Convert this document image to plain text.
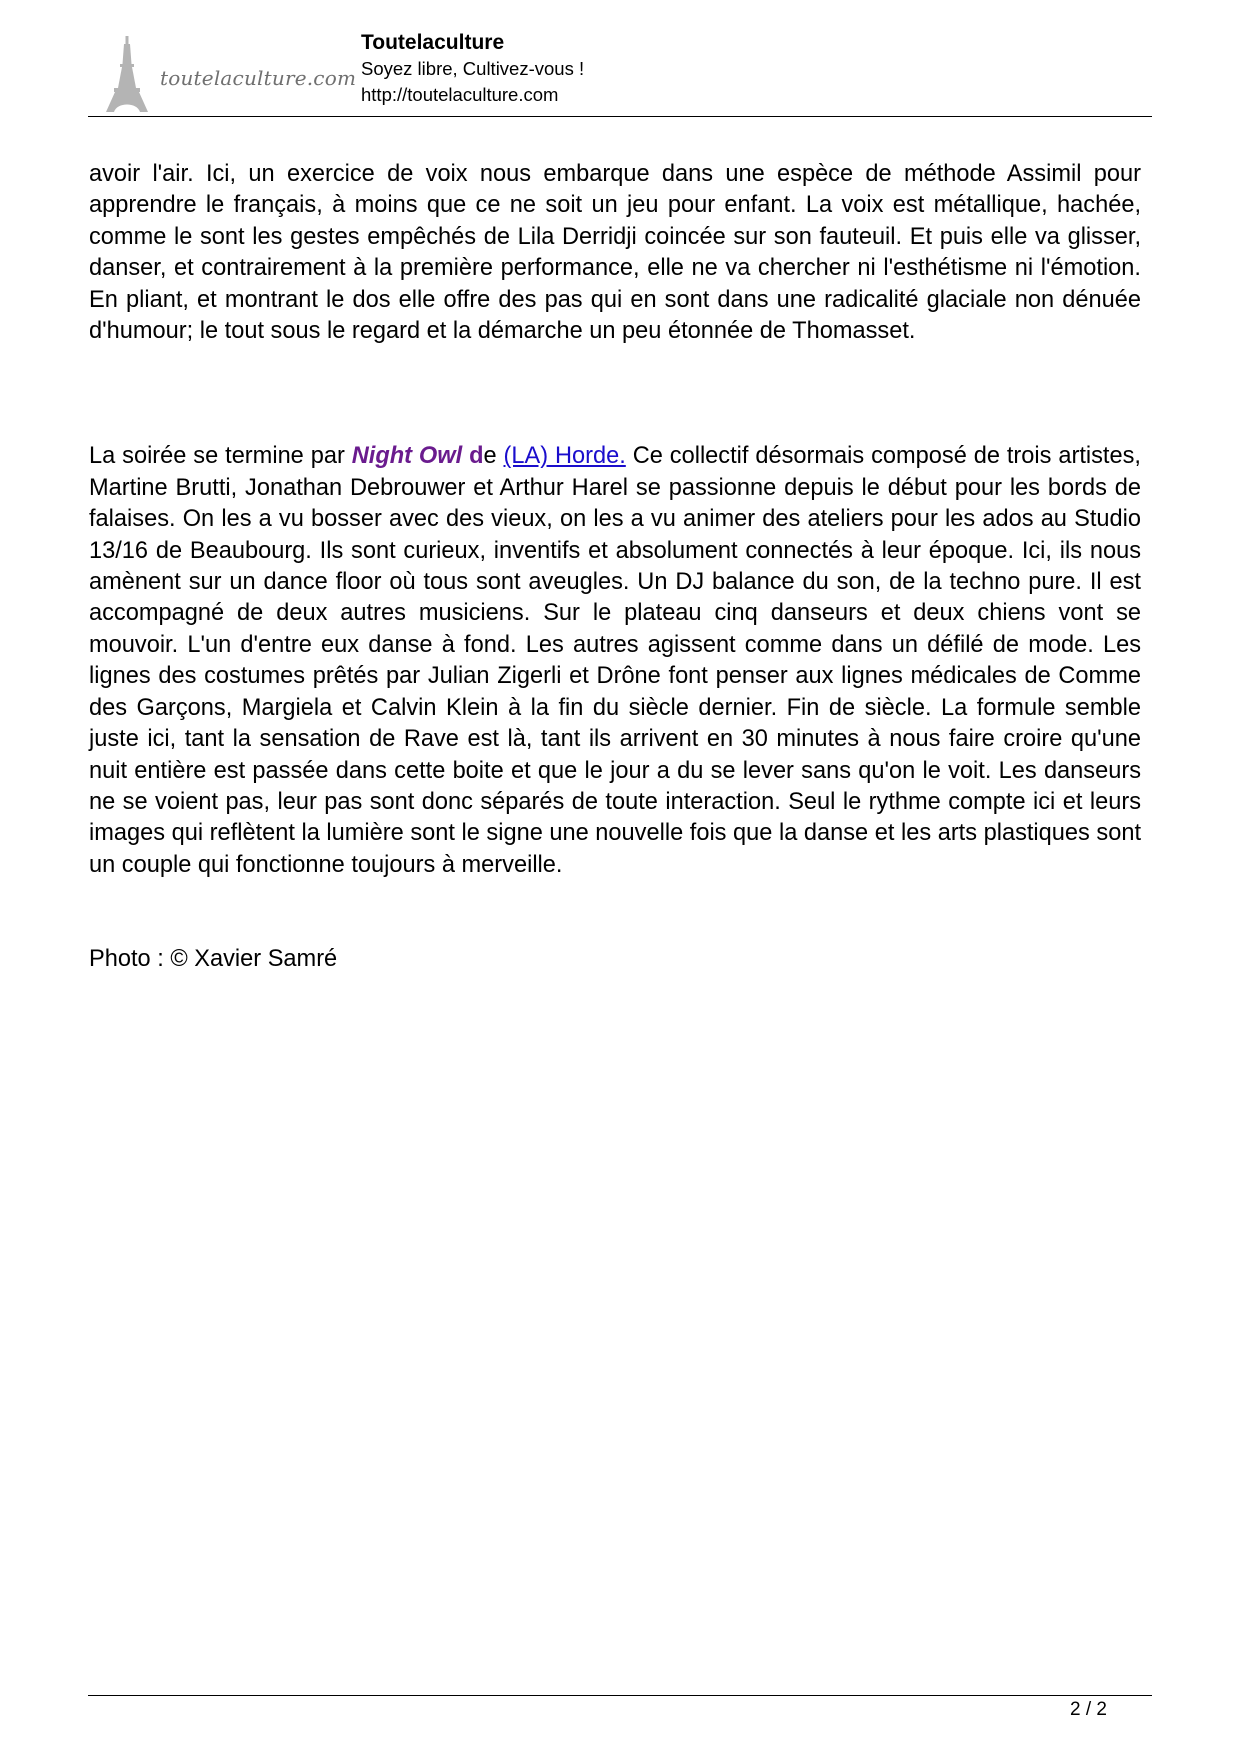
toutelaculture.com
Toutelaculture
Soyez libre, Cultivez-vous !
http://toutelaculture.com

avoir l'air. Ici, un exercice de voix nous embarque dans une espèce de méthode Assimil pour apprendre le français, à moins que ce ne soit un jeu pour enfant. La voix est métallique, hachée, comme le sont les gestes empêchés de Lila Derridji coincée sur son fauteuil. Et puis elle va glisser, danser, et contrairement à la première performance, elle ne va chercher ni l'esthétisme ni l'émotion. En pliant, et montrant le dos elle offre des pas qui en sont dans une radicalité glaciale non dénuée d'humour; le tout sous le regard et la démarche un peu étonnée de Thomasset.

La soirée se termine par Night Owl de (LA) Horde. Ce collectif désormais composé de trois artistes, Martine Brutti, Jonathan Debrouwer et Arthur Harel se passionne depuis le début pour les bords de falaises. On les a vu bosser avec des vieux, on les a vu animer des ateliers pour les ados au Studio 13/16 de Beaubourg. Ils sont curieux, inventifs et absolument connectés à leur époque. Ici, ils nous amènent sur un dance floor où tous sont aveugles. Un DJ balance du son, de la techno pure. Il est accompagné de deux autres musiciens. Sur le plateau cinq danseurs et deux chiens vont se mouvoir. L'un d'entre eux danse à fond. Les autres agissent comme dans un défilé de mode. Les lignes des costumes prêtés par Julian Zigerli et Drône font penser aux lignes médicales de Comme des Garçons, Margiela et Calvin Klein à la fin du siècle dernier. Fin de siècle. La formule semble juste ici, tant la sensation de Rave est là, tant ils arrivent en 30 minutes à nous faire croire qu'une nuit entière est passée dans cette boite et que le jour a du se lever sans qu'on le voit. Les danseurs ne se voient pas, leur pas sont donc séparés de toute interaction. Seul le rythme compte ici et leurs images qui reflètent la lumière sont le signe une nouvelle fois que la danse et les arts plastiques sont un couple qui fonctionne toujours à merveille.

Photo : © Xavier Samré

2 / 2
